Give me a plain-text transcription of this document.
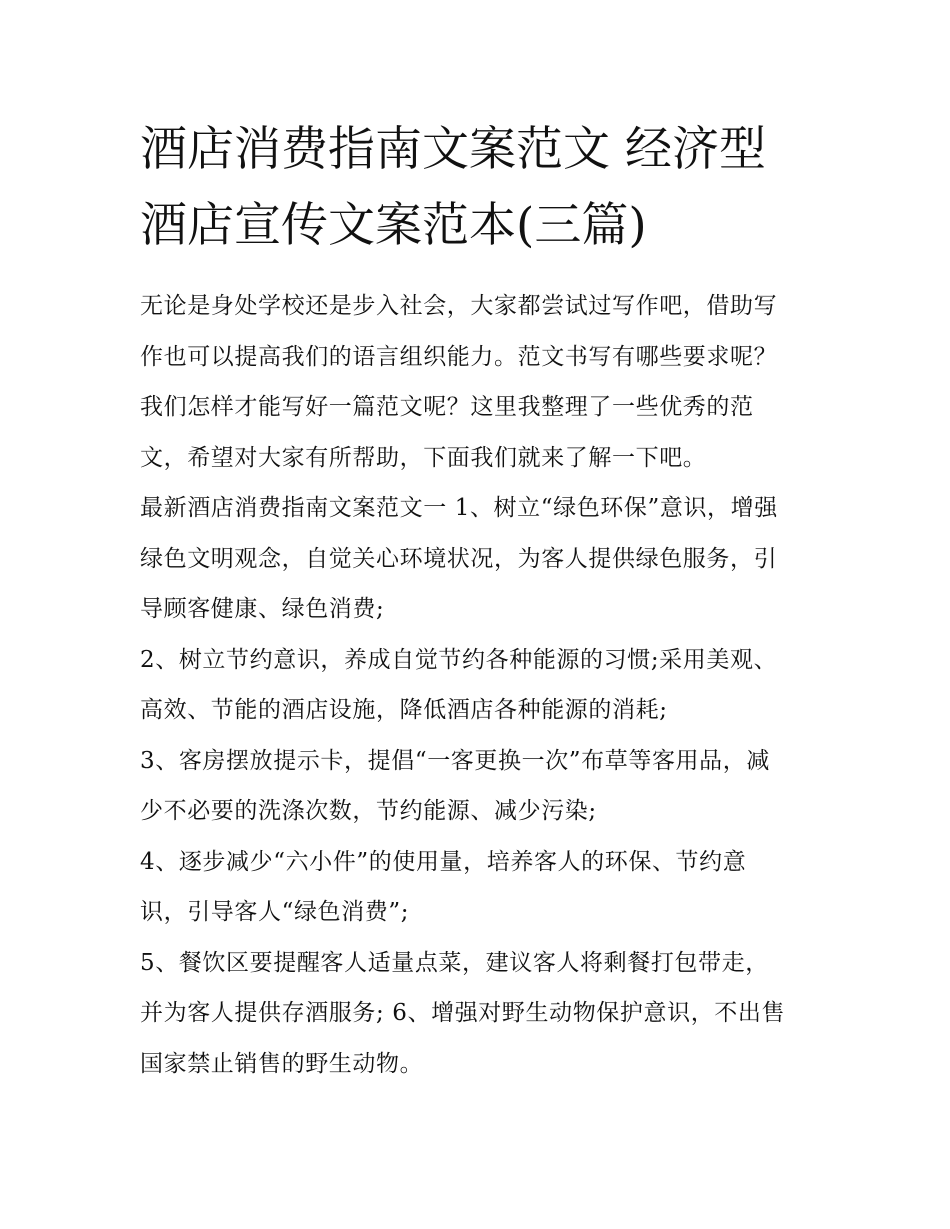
酒店消费指南文案范文 经济型
酒店宣传文案范本(三篇)

无论是身处学校还是步入社会，大家都尝试过写作吧，借助写
作也可以提高我们的语言组织能力。范文书写有哪些要求呢？
我们怎样才能写好一篇范文呢？这里我整理了一些优秀的范
文，希望对大家有所帮助，下面我们就来了解一下吧。

最新酒店消费指南文案范文一 1、树立“绿色环保”意识，增强
绿色文明观念，自觉关心环境状况，为客人提供绿色服务，引
导顾客健康、绿色消费;

2、树立节约意识，养成自觉节约各种能源的习惯;采用美观、
高效、节能的酒店设施，降低酒店各种能源的消耗;

3、客房摆放提示卡，提倡“一客更换一次”布草等客用品，减
少不必要的洗涤次数，节约能源、减少污染;

4、逐步减少“六小件”的使用量，培养客人的环保、节约意
识，引导客人“绿色消费”;

5、餐饮区要提醒客人适量点菜，建议客人将剩餐打包带走，
并为客人提供存酒服务; 6、增强对野生动物保护意识，不出售
国家禁止销售的野生动物。
